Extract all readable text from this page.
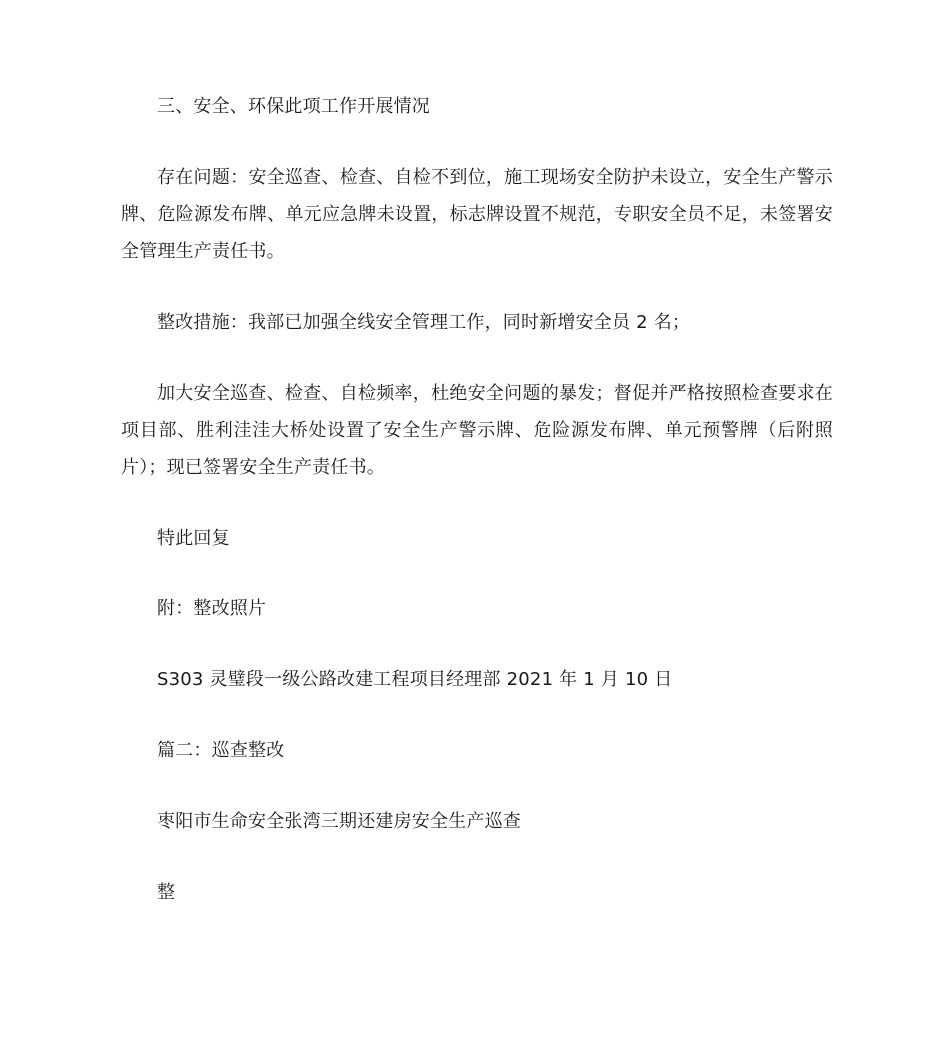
三、安全、环保此项工作开展情况

存在问题：安全巡查、检查、自检不到位，施工现场安全防护未设立，安全生产警示牌、危险源发布牌、单元应急牌未设置，标志牌设置不规范，专职安全员不足，未签署安全管理生产责任书。

整改措施：我部已加强全线安全管理工作，同时新增安全员 2 名；

加大安全巡查、检查、自检频率，杜绝安全问题的暴发；督促并严格按照检查要求在项目部、胜利洼洼大桥处设置了安全生产警示牌、危险源发布牌、单元预警牌（后附照片）；现已签署安全生产责任书。

特此回复

附：整改照片

S303 灵璧段一级公路改建工程项目经理部 2021 年 1 月 10 日

篇二：巡查整改

枣阳市生命安全张湾三期还建房安全生产巡查

整
